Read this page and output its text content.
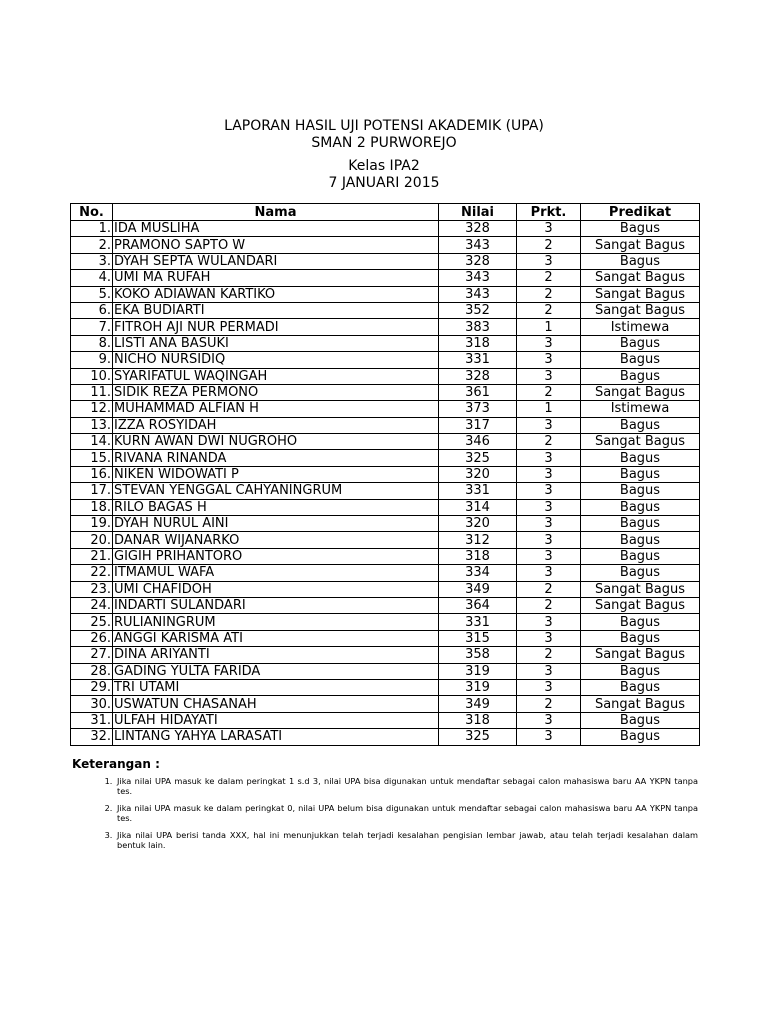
LAPORAN HASIL UJI POTENSI AKADEMIK (UPA)
SMAN 2 PURWOREJO
Kelas IPA2
7 JANUARI 2015
No.	Nama	Nilai	Prkt.	Predikat
1.	IDA MUSLIHA	328	3	Bagus
2.	PRAMONO SAPTO W	343	2	Sangat Bagus
3.	DYAH SEPTA WULANDARI	328	3	Bagus
4.	UMI MA RUFAH	343	2	Sangat Bagus
5.	KOKO ADIAWAN KARTIKO	343	2	Sangat Bagus
6.	EKA BUDIARTI	352	2	Sangat Bagus
7.	FITROH AJI NUR PERMADI	383	1	Istimewa
8.	LISTI ANA BASUKI	318	3	Bagus
9.	NICHO NURSIDIQ	331	3	Bagus
10.	SYARIFATUL WAQINGAH	328	3	Bagus
11.	SIDIK REZA PERMONO	361	2	Sangat Bagus
12.	MUHAMMAD ALFIAN H	373	1	Istimewa
13.	IZZA ROSYIDAH	317	3	Bagus
14.	KURN AWAN DWI NUGROHO	346	2	Sangat Bagus
15.	RIVANA RINANDA	325	3	Bagus
16.	NIKEN WIDOWATI P	320	3	Bagus
17.	STEVAN YENGGAL CAHYANINGRUM	331	3	Bagus
18.	RILO BAGAS H	314	3	Bagus
19.	DYAH NURUL AINI	320	3	Bagus
20.	DANAR WIJANARKO	312	3	Bagus
21.	GIGIH PRIHANTORO	318	3	Bagus
22.	ITMAMUL WAFA	334	3	Bagus
23.	UMI CHAFIDOH	349	2	Sangat Bagus
24.	INDARTI SULANDARI	364	2	Sangat Bagus
25.	RULIANINGRUM	331	3	Bagus
26.	ANGGI KARISMA ATI	315	3	Bagus
27.	DINA ARIYANTI	358	2	Sangat Bagus
28.	GADING YULTA FARIDA	319	3	Bagus
29.	TRI UTAMI	319	3	Bagus
30.	USWATUN CHASANAH	349	2	Sangat Bagus
31.	ULFAH HIDAYATI	318	3	Bagus
32.	LINTANG YAHYA LARASATI	325	3	Bagus
Keterangan :
1. Jika nilai UPA masuk ke dalam peringkat 1 s.d 3, nilai UPA bisa digunakan untuk mendaftar sebagai calon mahasiswa baru AA YKPN tanpa tes.
2. Jika nilai UPA masuk ke dalam peringkat 0, nilai UPA belum bisa digunakan untuk mendaftar sebagai calon mahasiswa baru AA YKPN tanpa tes.
3. Jika nilai UPA berisi tanda XXX, hal ini menunjukkan telah terjadi kesalahan pengisian lembar jawab, atau telah terjadi kesalahan dalam bentuk lain.
